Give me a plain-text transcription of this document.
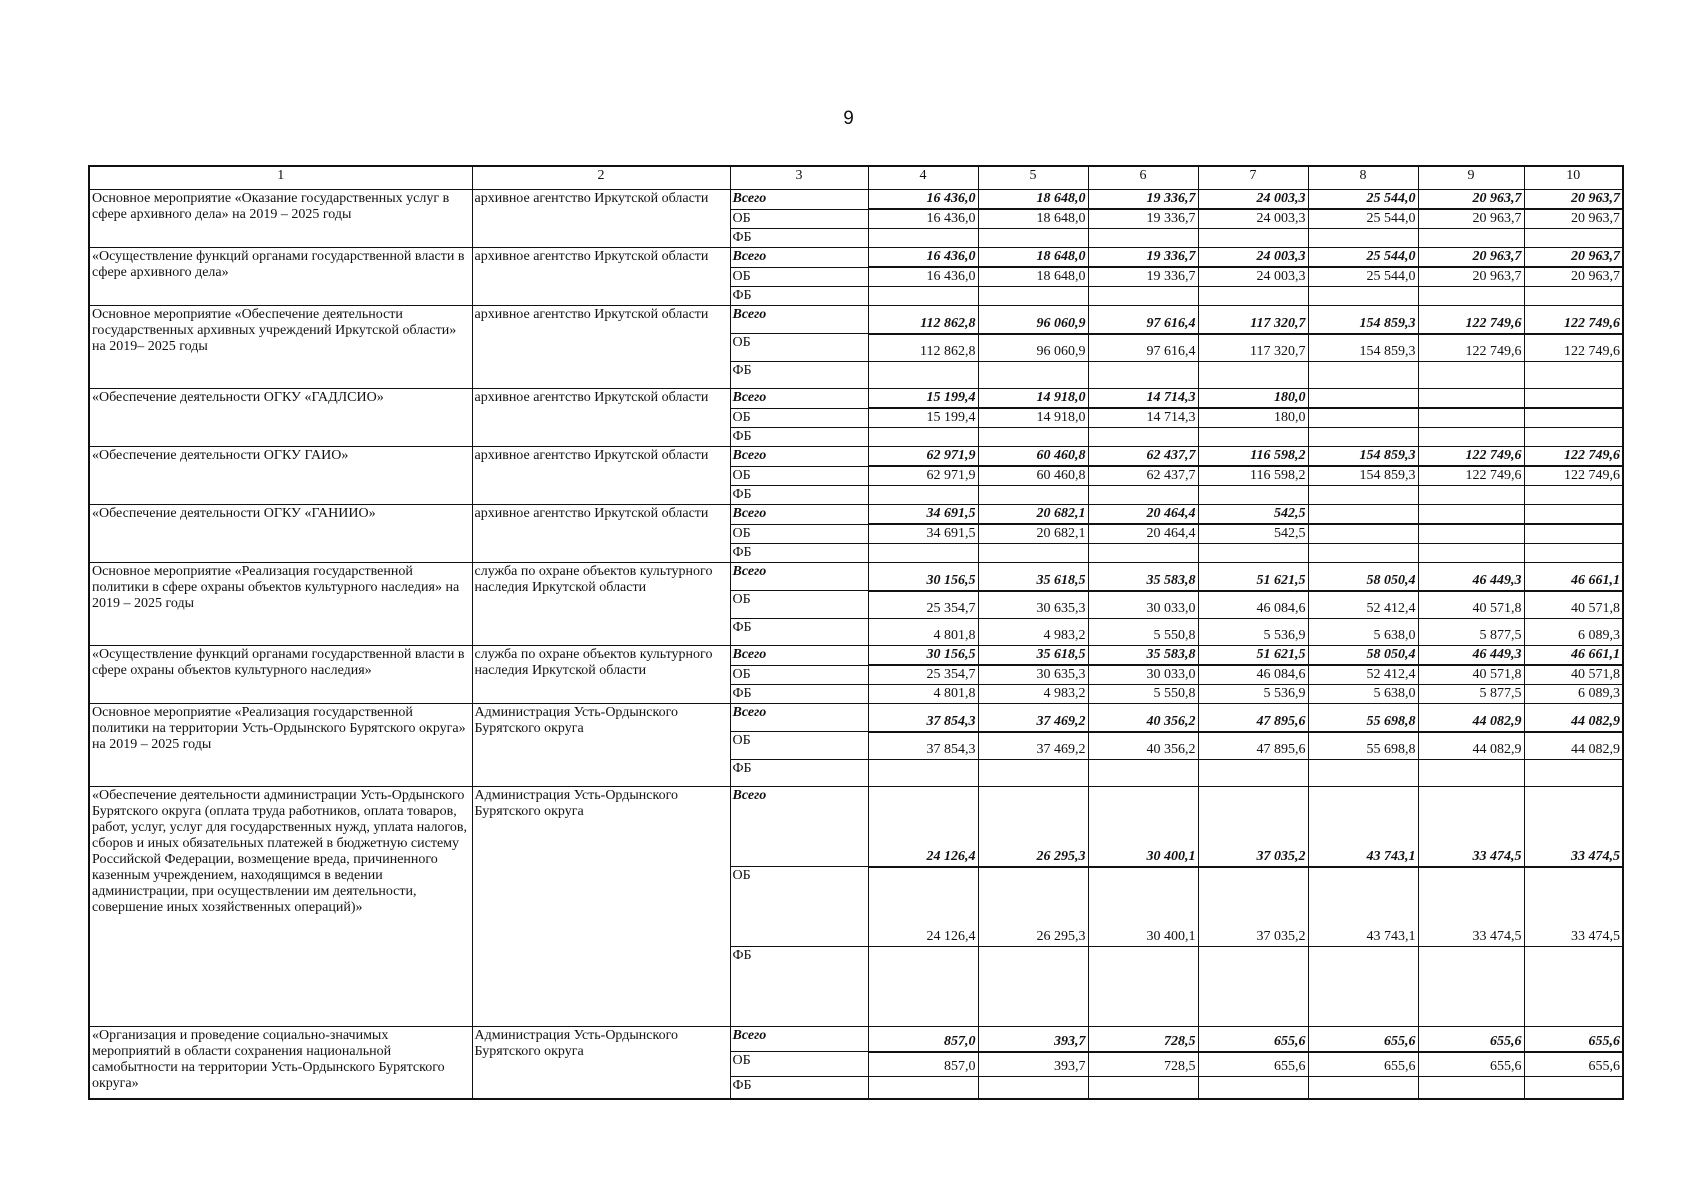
9
1	2	3	4	5	6	7	8	9	10
Основное мероприятие «Оказание государственных услуг в сфере архивного дела» на 2019 – 2025 годы	архивное агентство Иркутской области	Всего	16 436,0	18 648,0	19 336,7	24 003,3	25 544,0	20 963,7	20 963,7
		ОБ	16 436,0	18 648,0	19 336,7	24 003,3	25 544,0	20 963,7	20 963,7
		ФБ							
«Осуществление функций органами государственной власти в сфере архивного дела»	архивное агентство Иркутской области	Всего	16 436,0	18 648,0	19 336,7	24 003,3	25 544,0	20 963,7	20 963,7
		ОБ	16 436,0	18 648,0	19 336,7	24 003,3	25 544,0	20 963,7	20 963,7
		ФБ							
Основное мероприятие «Обеспечение деятельности государственных архивных учреждений Иркутской области» на 2019– 2025 годы	архивное агентство Иркутской области	Всего	112 862,8	96 060,9	97 616,4	117 320,7	154 859,3	122 749,6	122 749,6
		ОБ	112 862,8	96 060,9	97 616,4	117 320,7	154 859,3	122 749,6	122 749,6
		ФБ							
«Обеспечение деятельности ОГКУ «ГАДЛСИО»	архивное агентство Иркутской области	Всего	15 199,4	14 918,0	14 714,3	180,0			
		ОБ	15 199,4	14 918,0	14 714,3	180,0			
		ФБ							
«Обеспечение деятельности ОГКУ ГАИО»	архивное агентство Иркутской области	Всего	62 971,9	60 460,8	62 437,7	116 598,2	154 859,3	122 749,6	122 749,6
		ОБ	62 971,9	60 460,8	62 437,7	116 598,2	154 859,3	122 749,6	122 749,6
		ФБ							
«Обеспечение деятельности ОГКУ «ГАНИИО»	архивное агентство Иркутской области	Всего	34 691,5	20 682,1	20 464,4	542,5			
		ОБ	34 691,5	20 682,1	20 464,4	542,5			
		ФБ							
Основное мероприятие «Реализация государственной политики в сфере охраны объектов культурного наследия» на 2019 – 2025 годы	служба по охране объектов культурного наследия Иркутской области	Всего	30 156,5	35 618,5	35 583,8	51 621,5	58 050,4	46 449,3	46 661,1
		ОБ	25 354,7	30 635,3	30 033,0	46 084,6	52 412,4	40 571,8	40 571,8
		ФБ	4 801,8	4 983,2	5 550,8	5 536,9	5 638,0	5 877,5	6 089,3
«Осуществление функций органами государственной власти в сфере охраны объектов культурного наследия»	служба по охране объектов культурного наследия Иркутской области	Всего	30 156,5	35 618,5	35 583,8	51 621,5	58 050,4	46 449,3	46 661,1
		ОБ	25 354,7	30 635,3	30 033,0	46 084,6	52 412,4	40 571,8	40 571,8
		ФБ	4 801,8	4 983,2	5 550,8	5 536,9	5 638,0	5 877,5	6 089,3
Основное мероприятие «Реализация государственной политики на территории Усть-Ордынского Бурятского округа» на 2019 – 2025 годы	Администрация Усть-Ордынского Бурятского округа	Всего	37 854,3	37 469,2	40 356,2	47 895,6	55 698,8	44 082,9	44 082,9
		ОБ	37 854,3	37 469,2	40 356,2	47 895,6	55 698,8	44 082,9	44 082,9
		ФБ							
«Обеспечение деятельности администрации Усть-Ордынского Бурятского округа (оплата труда работников, оплата товаров, работ, услуг, услуг для государственных нужд, уплата налогов, сборов и иных обязательных платежей в бюджетную систему Российской Федерации, возмещение вреда, причиненного казенным учреждением, находящимся в ведении администрации, при осуществлении им деятельности, совершение иных хозяйственных операций)»	Администрация Усть-Ордынского Бурятского округа	Всего	24 126,4	26 295,3	30 400,1	37 035,2	43 743,1	33 474,5	33 474,5
		ОБ	24 126,4	26 295,3	30 400,1	37 035,2	43 743,1	33 474,5	33 474,5
		ФБ							
«Организация и проведение социально-значимых мероприятий в области сохранения национальной самобытности на территории Усть-Ордынского Бурятского округа»	Администрация Усть-Ордынского Бурятского округа	Всего	857,0	393,7	728,5	655,6	655,6	655,6	655,6
		ОБ	857,0	393,7	728,5	655,6	655,6	655,6	655,6
		ФБ							
